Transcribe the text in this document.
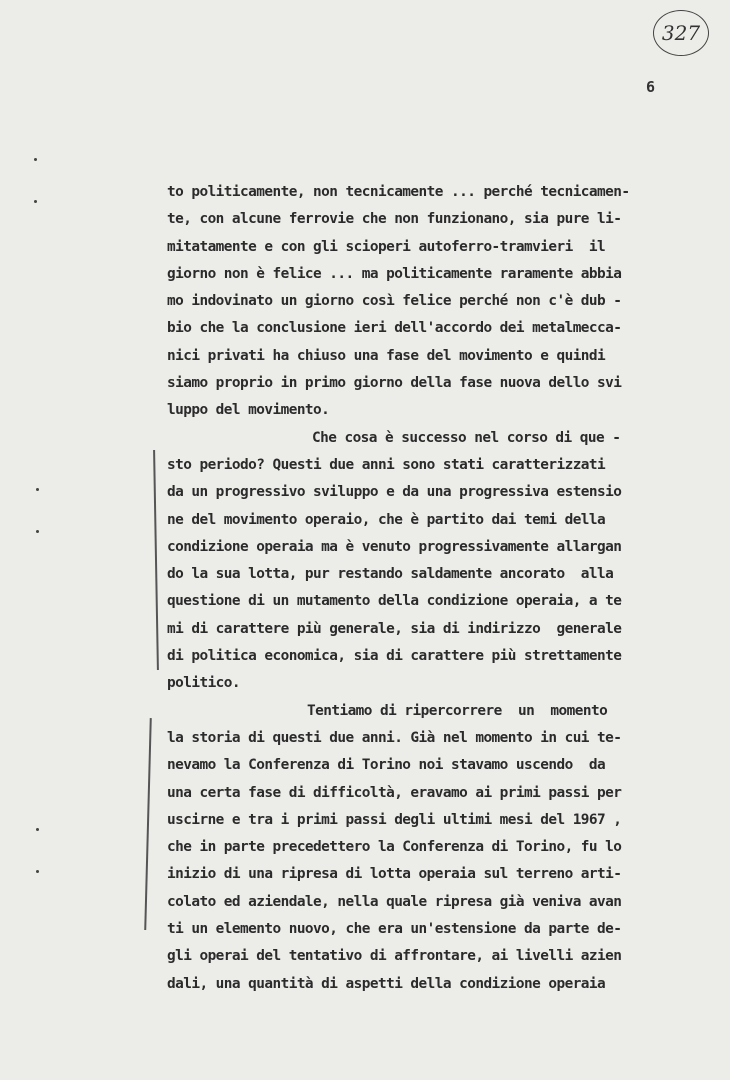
327
6
to politicamente, non tecnicamente ... perché tecnicamen-
te, con alcune ferrovie che non funzionano, sia pure li-
mitatamente e con gli scioperi autoferro-tramvieri  il
giorno non è felice ... ma politicamente raramente abbia
mo indovinato un giorno così felice perché non c'è dub -
bio che la conclusione ieri dell'accordo dei metalmecca-
nici privati ha chiuso una fase del movimento e quindi
siamo proprio in primo giorno della fase nuova dello svi
luppo del movimento.
Che cosa è successo nel corso di que -
sto periodo? Questi due anni sono stati caratterizzati
da un progressivo sviluppo e da una progressiva estensio
ne del movimento operaio, che è partito dai temi della
condizione operaia ma è venuto progressivamente allargan
do la sua lotta, pur restando saldamente ancorato  alla
questione di un mutamento della condizione operaia, a te
mi di carattere più generale, sia di indirizzo  generale
di politica economica, sia di carattere più strettamente
politico.
Tentiamo di ripercorrere  un  momento
la storia di questi due anni. Già nel momento in cui te-
nevamo la Conferenza di Torino noi stavamo uscendo  da
una certa fase di difficoltà, eravamo ai primi passi per
uscirne e tra i primi passi degli ultimi mesi del 1967 ,
che in parte precedettero la Conferenza di Torino, fu lo
inizio di una ripresa di lotta operaia sul terreno arti-
colato ed aziendale, nella quale ripresa già veniva avan
ti un elemento nuovo, che era un'estensione da parte de-
gli operai del tentativo di affrontare, ai livelli azien
dali, una quantità di aspetti della condizione operaia
